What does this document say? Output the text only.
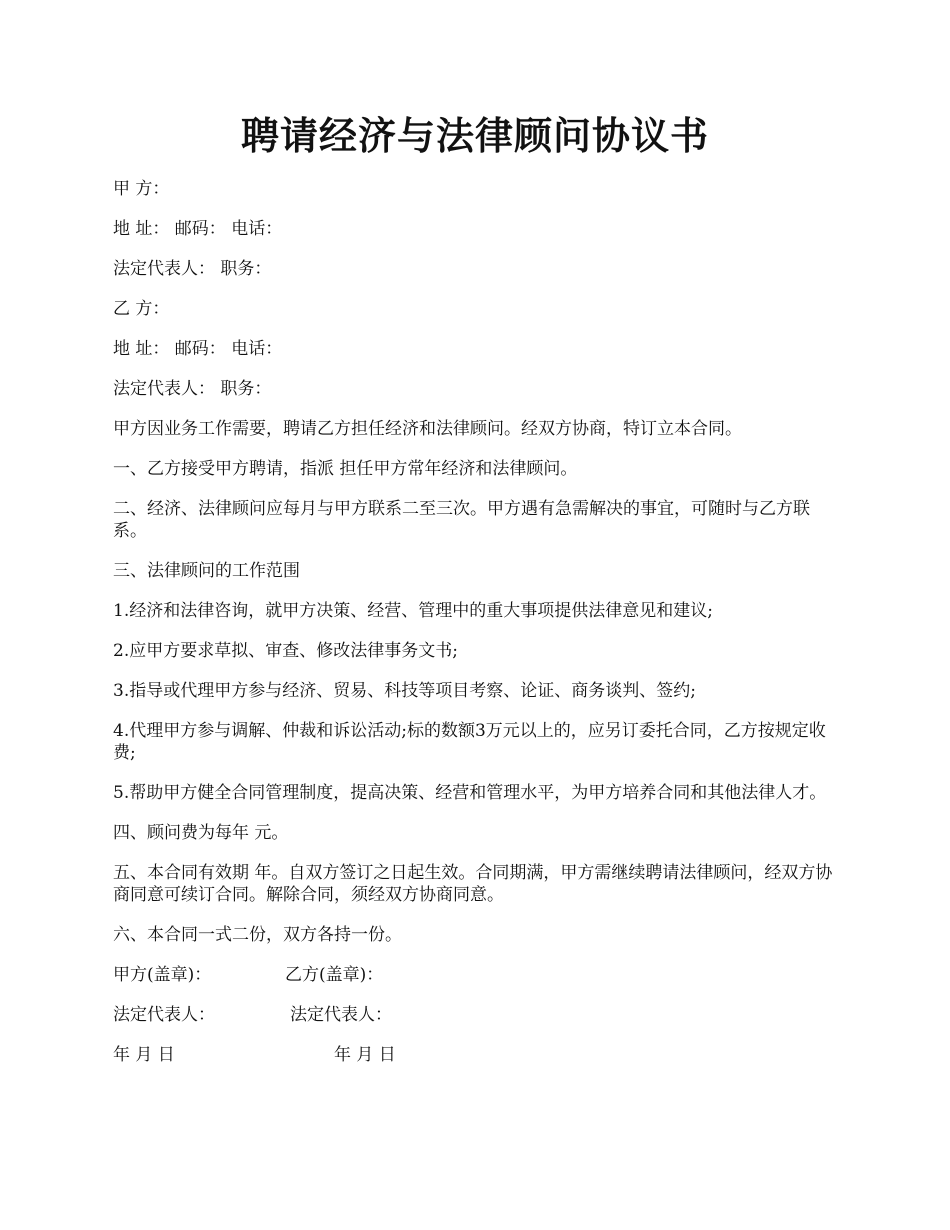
聘请经济与法律顾问协议书

甲 方：

地 址： 邮码： 电话：

法定代表人： 职务：

乙 方：

地 址： 邮码： 电话：

法定代表人： 职务：

甲方因业务工作需要，聘请乙方担任经济和法律顾问。经双方协商，特订立本合同。

一、乙方接受甲方聘请，指派 担任甲方常年经济和法律顾问。

二、经济、法律顾问应每月与甲方联系二至三次。甲方遇有急需解决的事宜，可随时与乙方联系。

三、法律顾问的工作范围

1.经济和法律咨询，就甲方决策、经营、管理中的重大事项提供法律意见和建议;

2.应甲方要求草拟、审查、修改法律事务文书;

3.指导或代理甲方参与经济、贸易、科技等项目考察、论证、商务谈判、签约;

4.代理甲方参与调解、仲裁和诉讼活动;标的数额3万元以上的，应另订委托合同，乙方按规定收费;

5.帮助甲方健全合同管理制度，提高决策、经营和管理水平，为甲方培养合同和其他法律人才。

四、顾问费为每年 元。

五、本合同有效期 年。自双方签订之日起生效。合同期满，甲方需继续聘请法律顾问，经双方协商同意可续订合同。解除合同，须经双方协商同意。

六、本合同一式二份，双方各持一份。

甲方(盖章)：	乙方(盖章)：
法定代表人：	法定代表人：
年 月 日	年 月 日
